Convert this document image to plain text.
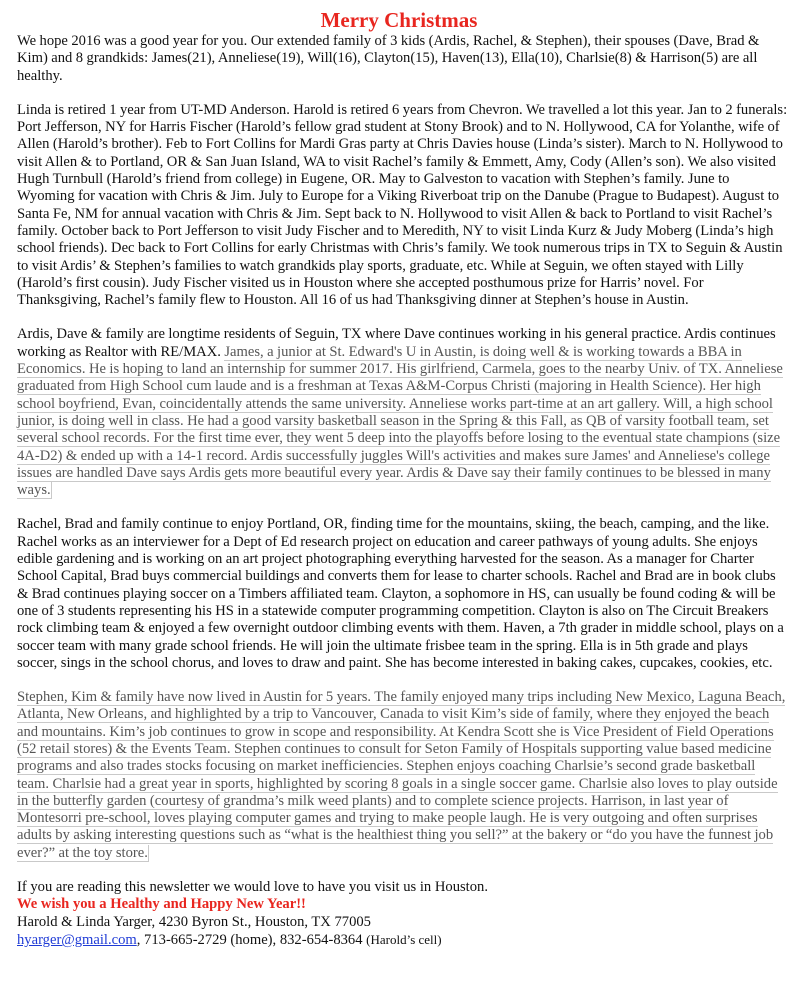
Merry Christmas

We hope 2016 was a good year for you. Our extended family of 3 kids (Ardis, Rachel, & Stephen), their spouses (Dave, Brad & Kim) and 8 grandkids: James(21), Anneliese(19), Will(16), Clayton(15), Haven(13), Ella(10), Charlsie(8) & Harrison(5) are all healthy.

Linda is retired 1 year from UT-MD Anderson. Harold is retired 6 years from Chevron. We travelled a lot this year. Jan to 2 funerals: Port Jefferson, NY for Harris Fischer (Harold’s fellow grad student at Stony Brook) and to N. Hollywood, CA for Yolanthe, wife of Allen (Harold’s brother). Feb to Fort Collins for Mardi Gras party at Chris Davies house (Linda’s sister). March to N. Hollywood to visit Allen & to Portland, OR & San Juan Island, WA to visit Rachel’s family & Emmett, Amy, Cody (Allen’s son). We also visited Hugh Turnbull (Harold’s friend from college) in Eugene, OR. May to Galveston to vacation with Stephen’s family. June to Wyoming for vacation with Chris & Jim. July to Europe for a Viking Riverboat trip on the Danube (Prague to Budapest). August to Santa Fe, NM for annual vacation with Chris & Jim. Sept back to N. Hollywood to visit Allen & back to Portland to visit Rachel’s family. October back to Port Jefferson to visit Judy Fischer and to Meredith, NY to visit Linda Kurz & Judy Moberg (Linda’s high school friends). Dec back to Fort Collins for early Christmas with Chris’s family. We took numerous trips in TX to Seguin & Austin to visit Ardis’ & Stephen’s families to watch grandkids play sports, graduate, etc. While at Seguin, we often stayed with Lilly (Harold’s first cousin). Judy Fischer visited us in Houston where she accepted posthumous prize for Harris’ novel. For Thanksgiving, Rachel’s family flew to Houston. All 16 of us had Thanksgiving dinner at Stephen’s house in Austin.

Ardis, Dave & family are longtime residents of Seguin, TX where Dave continues working in his general practice. Ardis continues working as Realtor with RE/MAX. James, a junior at St. Edward's U in Austin, is doing well & is working towards a BBA in Economics. He is hoping to land an internship for summer 2017. His girlfriend, Carmela, goes to the nearby Univ. of TX. Anneliese graduated from High School cum laude and is a freshman at Texas A&M-Corpus Christi (majoring in Health Science). Her high school boyfriend, Evan, coincidentally attends the same university. Anneliese works part-time at an art gallery. Will, a high school junior, is doing well in class. He had a good varsity basketball season in the Spring & this Fall, as QB of varsity football team, set several school records. For the first time ever, they went 5 deep into the playoffs before losing to the eventual state champions (size 4A-D2) & ended up with a 14-1 record. Ardis successfully juggles Will's activities and makes sure James' and Anneliese's college issues are handled Dave says Ardis gets more beautiful every year. Ardis & Dave say their family continues to be blessed in many ways.

Rachel, Brad and family continue to enjoy Portland, OR, finding time for the mountains, skiing, the beach, camping, and the like. Rachel works as an interviewer for a Dept of Ed research project on education and career pathways of young adults. She enjoys edible gardening and is working on an art project photographing everything harvested for the season. As a manager for Charter School Capital, Brad buys commercial buildings and converts them for lease to charter schools. Rachel and Brad are in book clubs & Brad continues playing soccer on a Timbers affiliated team. Clayton, a sophomore in HS, can usually be found coding & will be one of 3 students representing his HS in a statewide computer programming competition. Clayton is also on The Circuit Breakers rock climbing team & enjoyed a few overnight outdoor climbing events with them. Haven, a 7th grader in middle school, plays on a soccer team with many grade school friends. He will join the ultimate frisbee team in the spring. Ella is in 5th grade and plays soccer, sings in the school chorus, and loves to draw and paint. She has become interested in baking cakes, cupcakes, cookies, etc.

Stephen, Kim & family have now lived in Austin for 5 years. The family enjoyed many trips including New Mexico, Laguna Beach, Atlanta, New Orleans, and highlighted by a trip to Vancouver, Canada to visit Kim’s side of family, where they enjoyed the beach and mountains. Kim’s job continues to grow in scope and responsibility. At Kendra Scott she is Vice President of Field Operations (52 retail stores) & the Events Team. Stephen continues to consult for Seton Family of Hospitals supporting value based medicine programs and also trades stocks focusing on market inefficiencies. Stephen enjoys coaching Charlsie’s second grade basketball team. Charlsie had a great year in sports, highlighted by scoring 8 goals in a single soccer game. Charlsie also loves to play outside in the butterfly garden (courtesy of grandma’s milk weed plants) and to complete science projects. Harrison, in last year of Montesorri pre-school, loves playing computer games and trying to make people laugh. He is very outgoing and often surprises adults by asking interesting questions such as “what is the healthiest thing you sell?” at the bakery or “do you have the funnest job ever?” at the toy store.

If you are reading this newsletter we would love to have you visit us in Houston.

We wish you a Healthy and Happy New Year!!

Harold & Linda Yarger, 4230 Byron St., Houston, TX 77005

hyarger@gmail.com, 713-665-2729 (home), 832-654-8364 (Harold’s cell)
